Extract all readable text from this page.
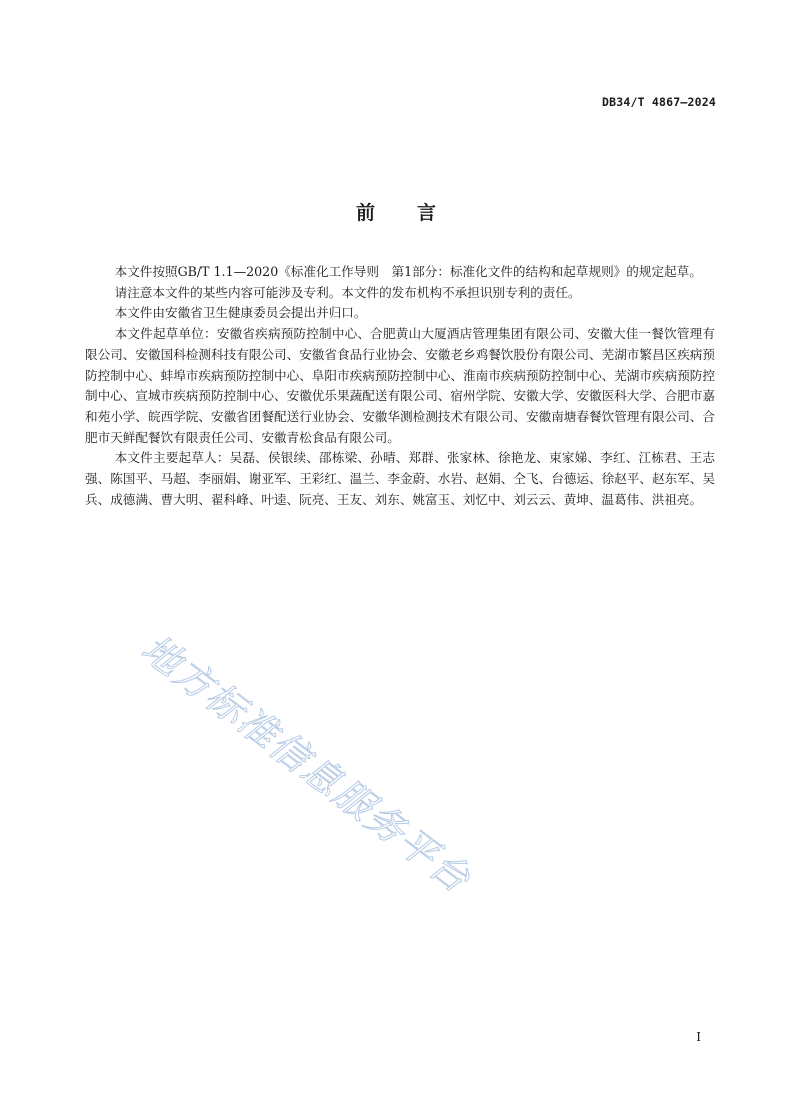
DB34/T 4867—2024
前言

本文件按照GB/T 1.1—2020《标准化工作导则　第1部分：标准化文件的结构和起草规则》的规定起草。

请注意本文件的某些内容可能涉及专利。本文件的发布机构不承担识别专利的责任。

本文件由安徽省卫生健康委员会提出并归口。

本文件起草单位：安徽省疾病预防控制中心、合肥黄山大厦酒店管理集团有限公司、安徽大佳一餐饮管理有限公司、安徽国科检测科技有限公司、安徽省食品行业协会、安徽老乡鸡餐饮股份有限公司、芜湖市繁昌区疾病预防控制中心、蚌埠市疾病预防控制中心、阜阳市疾病预防控制中心、淮南市疾病预防控制中心、芜湖市疾病预防控制中心、宣城市疾病预防控制中心、安徽优乐果蔬配送有限公司、宿州学院、安徽大学、安徽医科大学、合肥市嘉和苑小学、皖西学院、安徽省团餐配送行业协会、安徽华测检测技术有限公司、安徽南塘春餐饮管理有限公司、合肥市天鲜配餐饮有限责任公司、安徽青松食品有限公司。

本文件主要起草人：吴磊、侯银续、邵栋梁、孙晴、郑群、张家林、徐艳龙、束家娣、李红、江栋君、王志强、陈国平、马超、李丽娟、谢亚军、王彩红、温兰、李金蔚、水岩、赵娟、仝飞、台德运、徐赵平、赵东军、吴兵、成德满、曹大明、翟科峰、叶逵、阮亮、王友、刘东、姚富玉、刘忆中、刘云云、黄坤、温葛伟、洪祖亮。

地方标准信息服务平台
I
